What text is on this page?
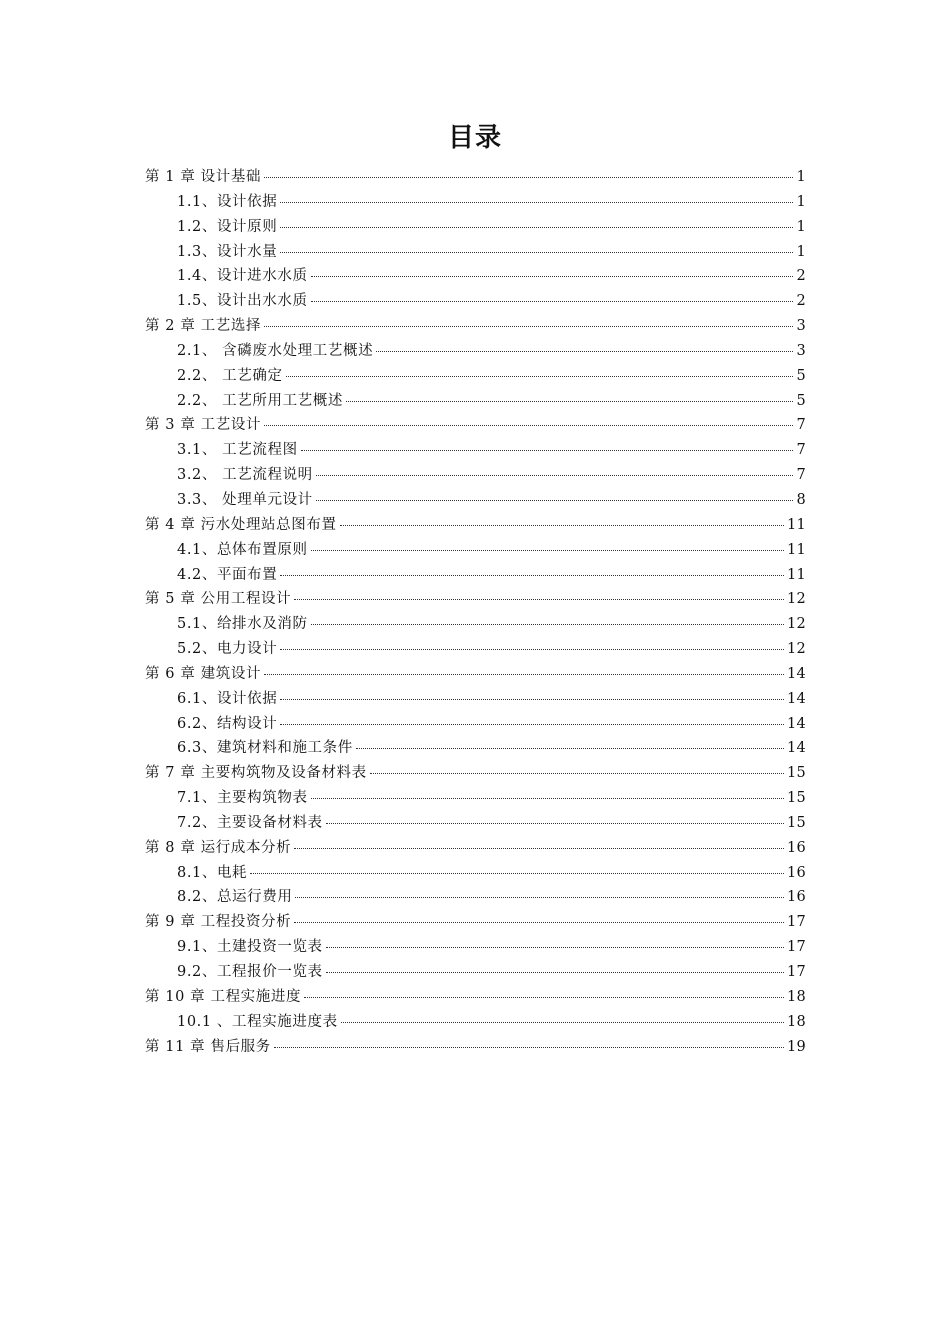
目录
第 1 章 设计基础	1
1.1、设计依据	1
1.2、设计原则	1
1.3、设计水量	1
1.4、设计进水水质	2
1.5、设计出水水质	2
第 2 章 工艺选择	3
2.1、 含磷废水处理工艺概述	3
2.2、 工艺确定	5
2.2、 工艺所用工艺概述	5
第 3 章 工艺设计	7
3.1、 工艺流程图	7
3.2、 工艺流程说明	7
3.3、 处理单元设计	8
第 4 章 污水处理站总图布置	11
4.1、总体布置原则	11
4.2、平面布置	11
第 5 章 公用工程设计	12
5.1、给排水及消防	12
5.2、电力设计	12
第 6 章 建筑设计	14
6.1、设计依据	14
6.2、结构设计	14
6.3、建筑材料和施工条件	14
第 7 章 主要构筑物及设备材料表	15
7.1、主要构筑物表	15
7.2、主要设备材料表	15
第 8 章 运行成本分析	16
8.1、电耗	16
8.2、总运行费用	16
第 9 章 工程投资分析	17
9.1、土建投资一览表	17
9.2、工程报价一览表	17
第 10 章 工程实施进度	18
10.1 、工程实施进度表	18
第 11 章 售后服务	19
